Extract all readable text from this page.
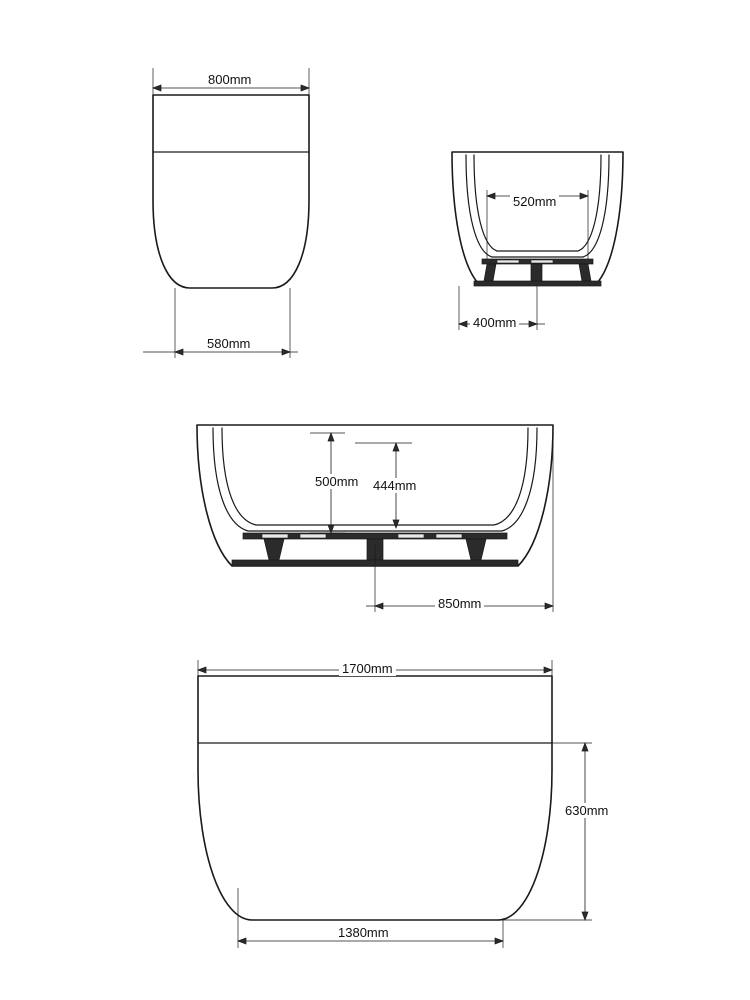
800mm
580mm
520mm
400mm
500mm 444mm
850mm
1700mm
630mm
1380mm
